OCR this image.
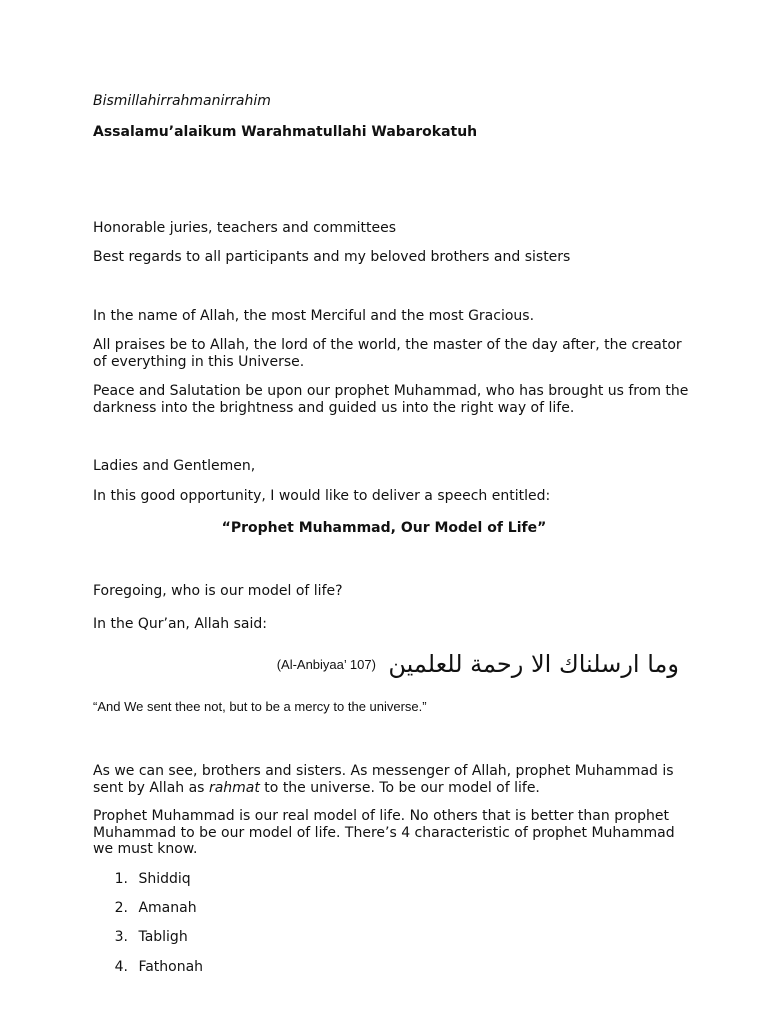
Bismillahirrahmanirrahim
Assalamu’alaikum Warahmatullahi Wabarokatuh
Honorable juries, teachers and committees
Best regards to all participants and my beloved brothers and sisters
In the name of Allah, the most Merciful and the most Gracious.
All praises be to Allah, the lord of the world, the master of the day after, the creator of everything in this Universe.
Peace and Salutation be upon our prophet Muhammad, who has brought us from the darkness into the brightness and guided us into the right way of life.
Ladies and Gentlemen,
In this good opportunity, I would like to deliver a speech entitled:
“Prophet Muhammad, Our Model of Life”
Foregoing, who is our model of life?
In the Qur’an, Allah said:
(Al-Anbiyaa’ 107) وما ارسلناك الا رحمة للعلمين
“And We sent thee not, but to be a mercy to the universe.”
As we can see, brothers and sisters. As messenger of Allah, prophet Muhammad is sent by Allah as rahmat to the universe. To be our model of life.
Prophet Muhammad is our real model of life. No others that is better than prophet Muhammad to be our model of life. There’s 4 characteristic of prophet Muhammad we must know.
1. Shiddiq
2. Amanah
3. Tabligh
4. Fathonah
